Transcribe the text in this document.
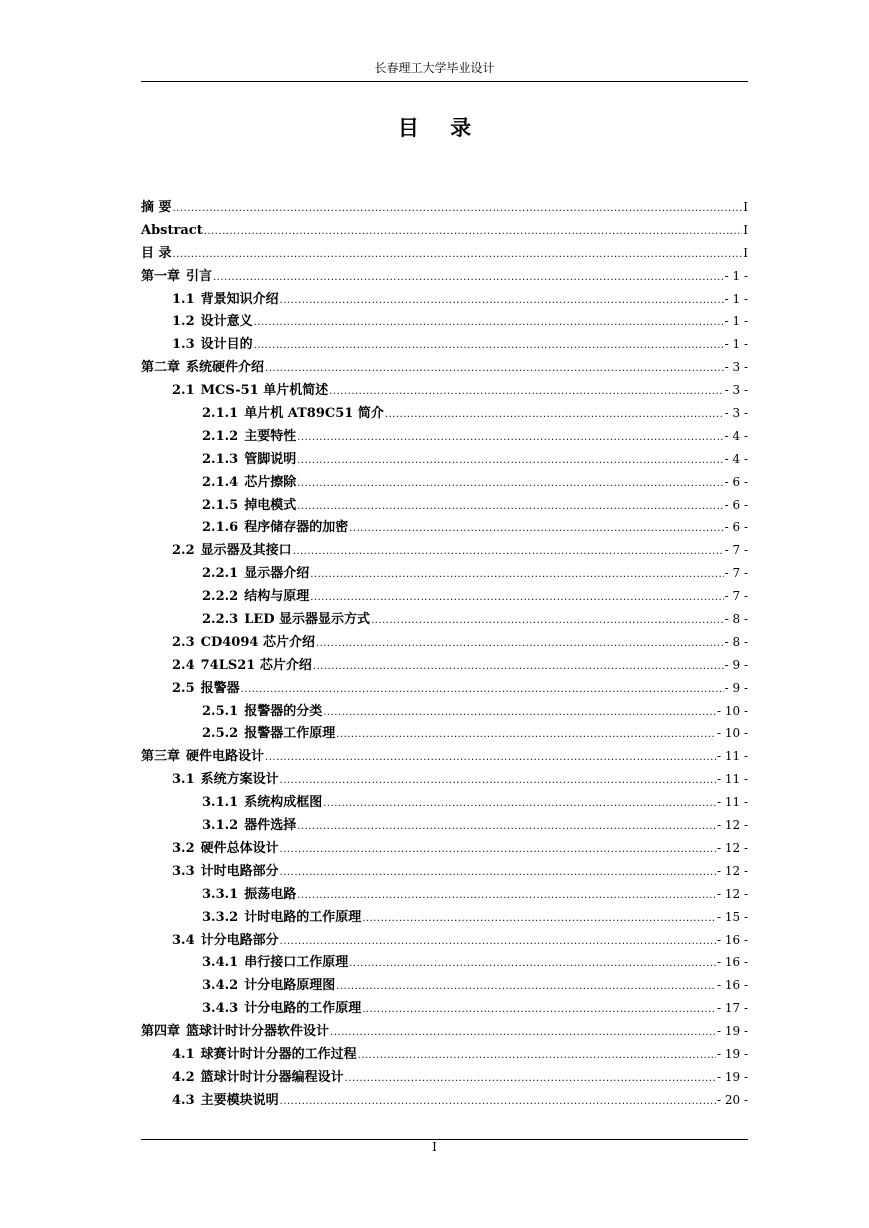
长春理工大学毕业设计
目 录
摘 要 .....	I
Abstract .....	I
目 录 .....	I
第一章 引言 .....	- 1 -
1.1 背景知识介绍 .....	- 1 -
1.2 设计意义 .....	- 1 -
1.3 设计目的 .....	- 1 -
第二章 系统硬件介绍 .....	- 3 -
2.1 MCS-51 单片机简述 .....	- 3 -
2.1.1 单片机 AT89C51 简介 .....	- 3 -
2.1.2 主要特性 .....	- 4 -
2.1.3 管脚说明 .....	- 4 -
2.1.4 芯片擦除 .....	- 6 -
2.1.5 掉电模式 .....	- 6 -
2.1.6 程序储存器的加密 .....	- 6 -
2.2 显示器及其接口 .....	- 7 -
2.2.1 显示器介绍 .....	- 7 -
2.2.2 结构与原理 .....	- 7 -
2.2.3 LED 显示器显示方式 .....	- 8 -
2.3 CD4094 芯片介绍 .....	- 8 -
2.4 74LS21 芯片介绍 .....	- 9 -
2.5 报警器 .....	- 9 -
2.5.1 报警器的分类 .....	- 10 -
2.5.2 报警器工作原理 .....	- 10 -
第三章 硬件电路设计 .....	- 11 -
3.1 系统方案设计 .....	- 11 -
3.1.1 系统构成框图 .....	- 11 -
3.1.2 器件选择 .....	- 12 -
3.2 硬件总体设计 .....	- 12 -
3.3 计时电路部分 .....	- 12 -
3.3.1 振荡电路 .....	- 12 -
3.3.2 计时电路的工作原理 .....	- 15 -
3.4 计分电路部分 .....	- 16 -
3.4.1 串行接口工作原理 .....	- 16 -
3.4.2 计分电路原理图 .....	- 16 -
3.4.3 计分电路的工作原理 .....	- 17 -
第四章 篮球计时计分器软件设计 .....	- 19 -
4.1 球赛计时计分器的工作过程 .....	- 19 -
4.2 篮球计时计分器编程设计 .....	- 19 -
4.3 主要模块说明 .....	- 20 -
I
